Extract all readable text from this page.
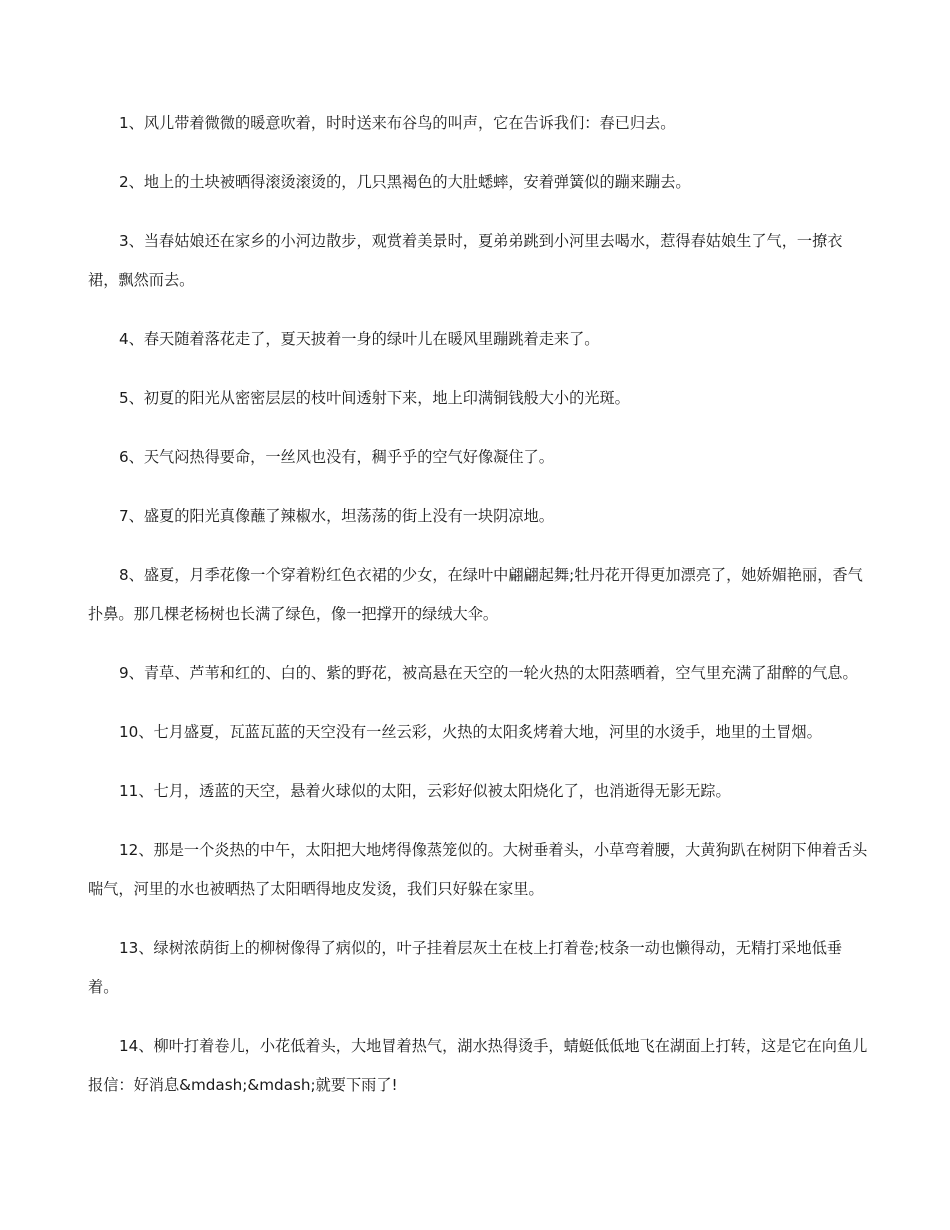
1、风儿带着微微的暖意吹着，时时送来布谷鸟的叫声，它在告诉我们：春已归去。

2、地上的土块被晒得滚烫滚烫的，几只黑褐色的大肚蟋蟀，安着弹簧似的蹦来蹦去。

3、当春姑娘还在家乡的小河边散步，观赏着美景时，夏弟弟跳到小河里去喝水，惹得春姑娘生了气，一撩衣裙，飘然而去。

4、春天随着落花走了，夏天披着一身的绿叶儿在暖风里蹦跳着走来了。

5、初夏的阳光从密密层层的枝叶间透射下来，地上印满铜钱般大小的光斑。

6、天气闷热得要命，一丝风也没有，稠乎乎的空气好像凝住了。

7、盛夏的阳光真像蘸了辣椒水，坦荡荡的街上没有一块阴凉地。

8、盛夏，月季花像一个穿着粉红色衣裙的少女，在绿叶中翩翩起舞;牡丹花开得更加漂亮了，她娇媚艳丽，香气扑鼻。那几棵老杨树也长满了绿色，像一把撑开的绿绒大伞。

9、青草、芦苇和红的、白的、紫的野花，被高悬在天空的一轮火热的太阳蒸晒着，空气里充满了甜醉的气息。

10、七月盛夏，瓦蓝瓦蓝的天空没有一丝云彩，火热的太阳炙烤着大地，河里的水烫手，地里的土冒烟。

11、七月，透蓝的天空，悬着火球似的太阳，云彩好似被太阳烧化了，也消逝得无影无踪。

12、那是一个炎热的中午，太阳把大地烤得像蒸笼似的。大树垂着头，小草弯着腰，大黄狗趴在树阴下伸着舌头喘气，河里的水也被晒热了太阳晒得地皮发烫，我们只好躲在家里。

13、绿树浓荫街上的柳树像得了病似的，叶子挂着层灰土在枝上打着卷;枝条一动也懒得动，无精打采地低垂着。

14、柳叶打着卷儿，小花低着头，大地冒着热气，湖水热得烫手，蜻蜓低低地飞在湖面上打转，这是它在向鱼儿报信：好消息&mdash;&mdash;就要下雨了!
